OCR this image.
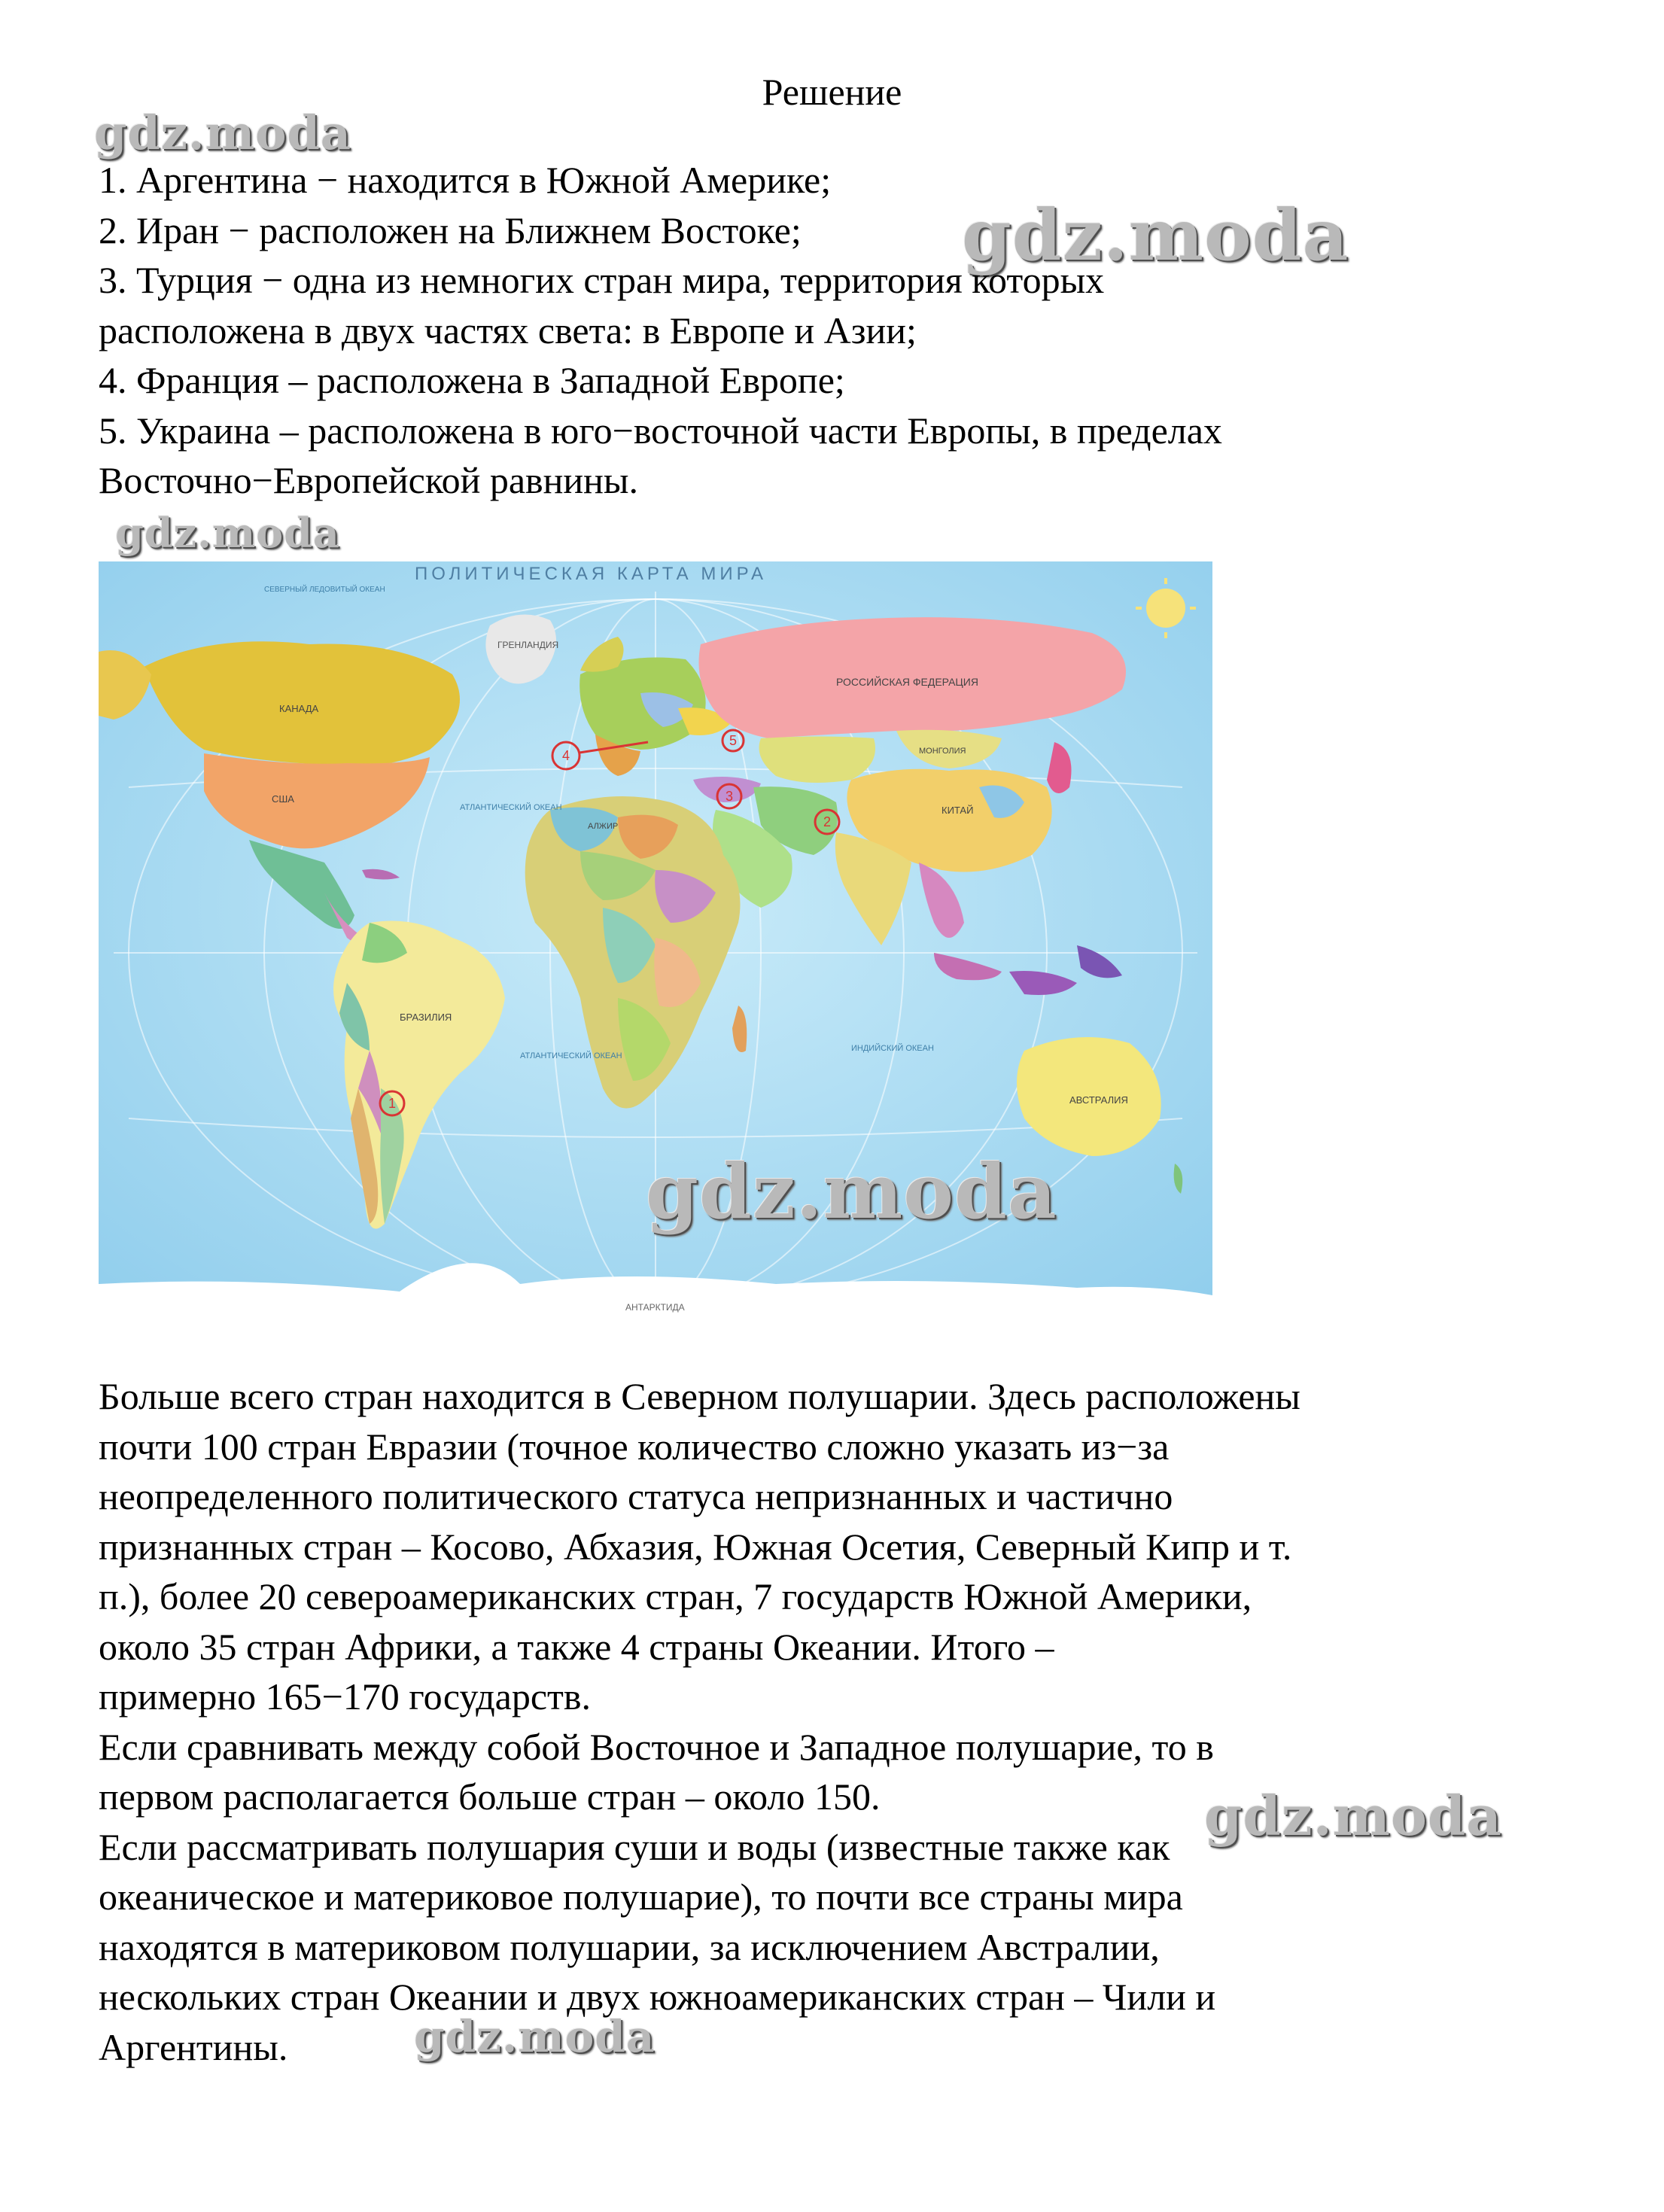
Решение
gdz.moda
gdz.moda
gdz.moda

1. Аргентина − находится в Южной Америке;

2. Иран − расположен на Ближнем Востоке;

3. Турция − одна из немногих стран мира, территория которых

расположена в двух частях света: в Европе и Азии;

4. Франция – расположена в Западной Европе;

5. Украина – расположена в юго−восточной части Европы, в пределах

Восточно−Европейской равнины.

ГРЕНЛАНДИЯ
КАНАДА
США
БРАЗИЛИЯ
РОССИЙСКАЯ ФЕДЕРАЦИЯ
МОНГОЛИЯ
КИТАЙ
АЛЖИР
АВСТРАЛИЯ
АНТАРКТИДА
СЕВЕРНЫЙ ЛЕДОВИТЫЙ ОКЕАН
АТЛАНТИЧЕСКИЙ ОКЕАН
АТЛАНТИЧЕСКИЙ ОКЕАН
ИНДИЙСКИЙ ОКЕАН
ПОЛИТИЧЕСКАЯ КАРТА МИРА
1
2
3
4
5
gdz.moda

Больше всего стран находится в Северном полушарии. Здесь расположены

почти 100 стран Евразии (точное количество сложно указать из−за

неопределенного политического статуса непризнанных и частично

признанных стран – Косово, Абхазия, Южная Осетия, Северный Кипр и т.

п.), более 20 североамериканских стран, 7 государств Южной Америки,

около 35 стран Африки, а также 4 страны Океании. Итого –

примерно 165−170 государств.

Если сравнивать между собой Восточное и Западное полушарие, то в

первом располагается больше стран – около 150.

Если рассматривать полушария суши и воды (известные также как

океаническое и материковое полушарие), то почти все страны мира

находятся в материковом полушарии, за исключением Австралии,

нескольких стран Океании и двух южноамериканских стран – Чили и

Аргентины.

gdz.moda
gdz.moda
